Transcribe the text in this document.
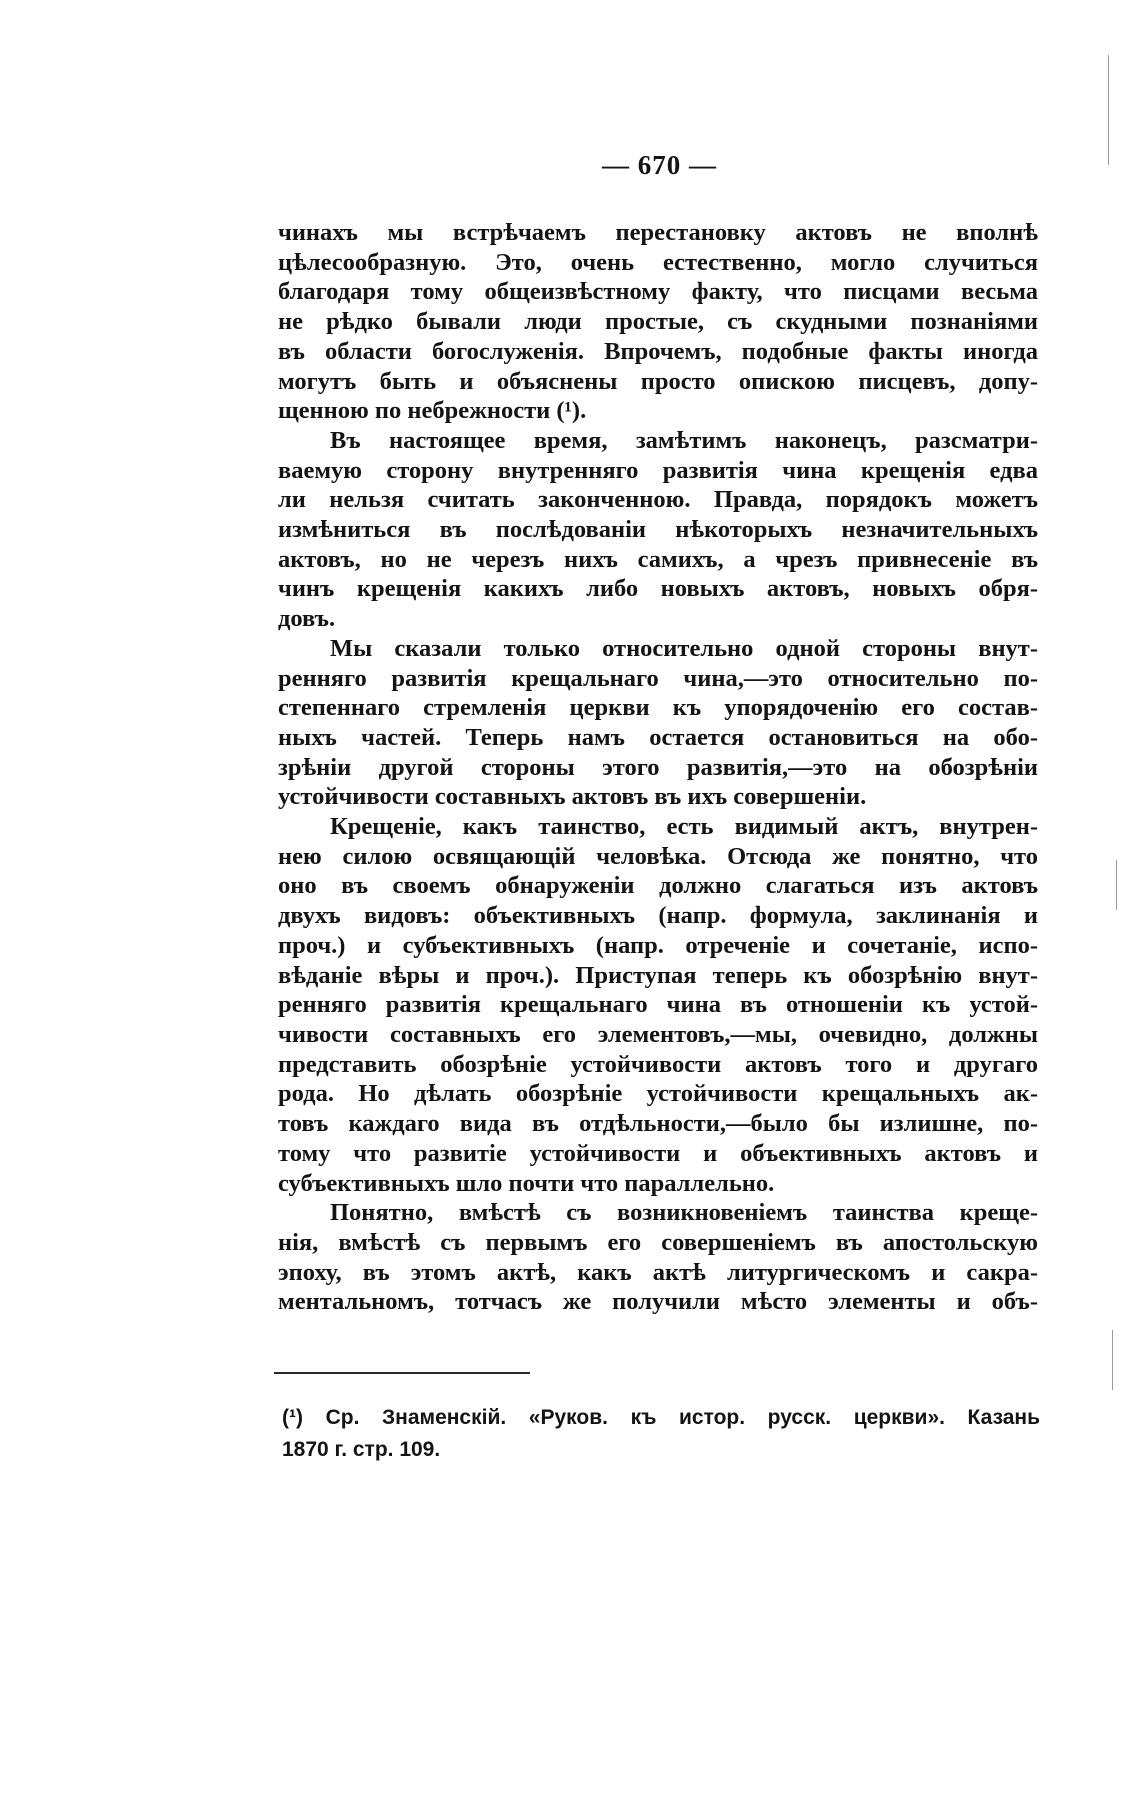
— 670 —

чинахъ мы встрѣчаемъ перестановку актовъ не вполнѣ
цѣлесообразную. Это, очень естественно, могло случиться
благодаря тому общеизвѣстному факту, что писцами весьма
не рѣдко бывали люди простые, съ скудными познаніями
въ области богослуженія. Впрочемъ, подобные факты иногда
могутъ быть и объяснены просто опискою писцевъ, допу-
щенною по небрежности (¹).

Въ настоящее время, замѣтимъ наконецъ, разсматри-
ваемую сторону внутренняго развитія чина крещенія едва
ли нельзя считать законченною. Правда, порядокъ можетъ
измѣниться въ послѣдованіи нѣкоторыхъ незначительныхъ
актовъ, но не черезъ нихъ самихъ, а чрезъ привнесеніе въ
чинъ крещенія какихъ либо новыхъ актовъ, новыхъ обря-
довъ.

Мы сказали только относительно одной стороны внут-
ренняго развитія крещальнаго чина,—это относительно по-
степеннаго стремленія церкви къ упорядоченію его состав-
ныхъ частей. Теперь намъ остается остановиться на обо-
зрѣніи другой стороны этого развитія,—это на обозрѣніи
устойчивости составныхъ актовъ въ ихъ совершеніи.

Крещеніе, какъ таинство, есть видимый актъ, внутрен-
нею силою освящающій человѣка. Отсюда же понятно, что
оно въ своемъ обнаруженіи должно слагаться изъ актовъ
двухъ видовъ: объективныхъ (напр. формула, заклинанія и
проч.) и субъективныхъ (напр. отреченіе и сочетаніе, испо-
вѣданіе вѣры и проч.). Приступая теперь къ обозрѣнію внут-
ренняго развитія крещальнаго чина въ отношеніи къ устой-
чивости составныхъ его элементовъ,—мы, очевидно, должны
представить обозрѣніе устойчивости актовъ того и другаго
рода. Но дѣлать обозрѣніе устойчивости крещальныхъ ак-
товъ каждаго вида въ отдѣльности,—было бы излишне, по-
тому что развитіе устойчивости и объективныхъ актовъ и
субъективныхъ шло почти что параллельно.

Понятно, вмѣстѣ съ возникновеніемъ таинства креще-
нія, вмѣстѣ съ первымъ его совершеніемъ въ апостольскую
эпоху, въ этомъ актѣ, какъ актѣ литургическомъ и сакра-
ментальномъ, тотчасъ же получили мѣсто элементы и объ-

(¹) Ср. Знаменскій. «Руков. къ истор. русск. церкви». Казань
1870 г. стр. 109.
